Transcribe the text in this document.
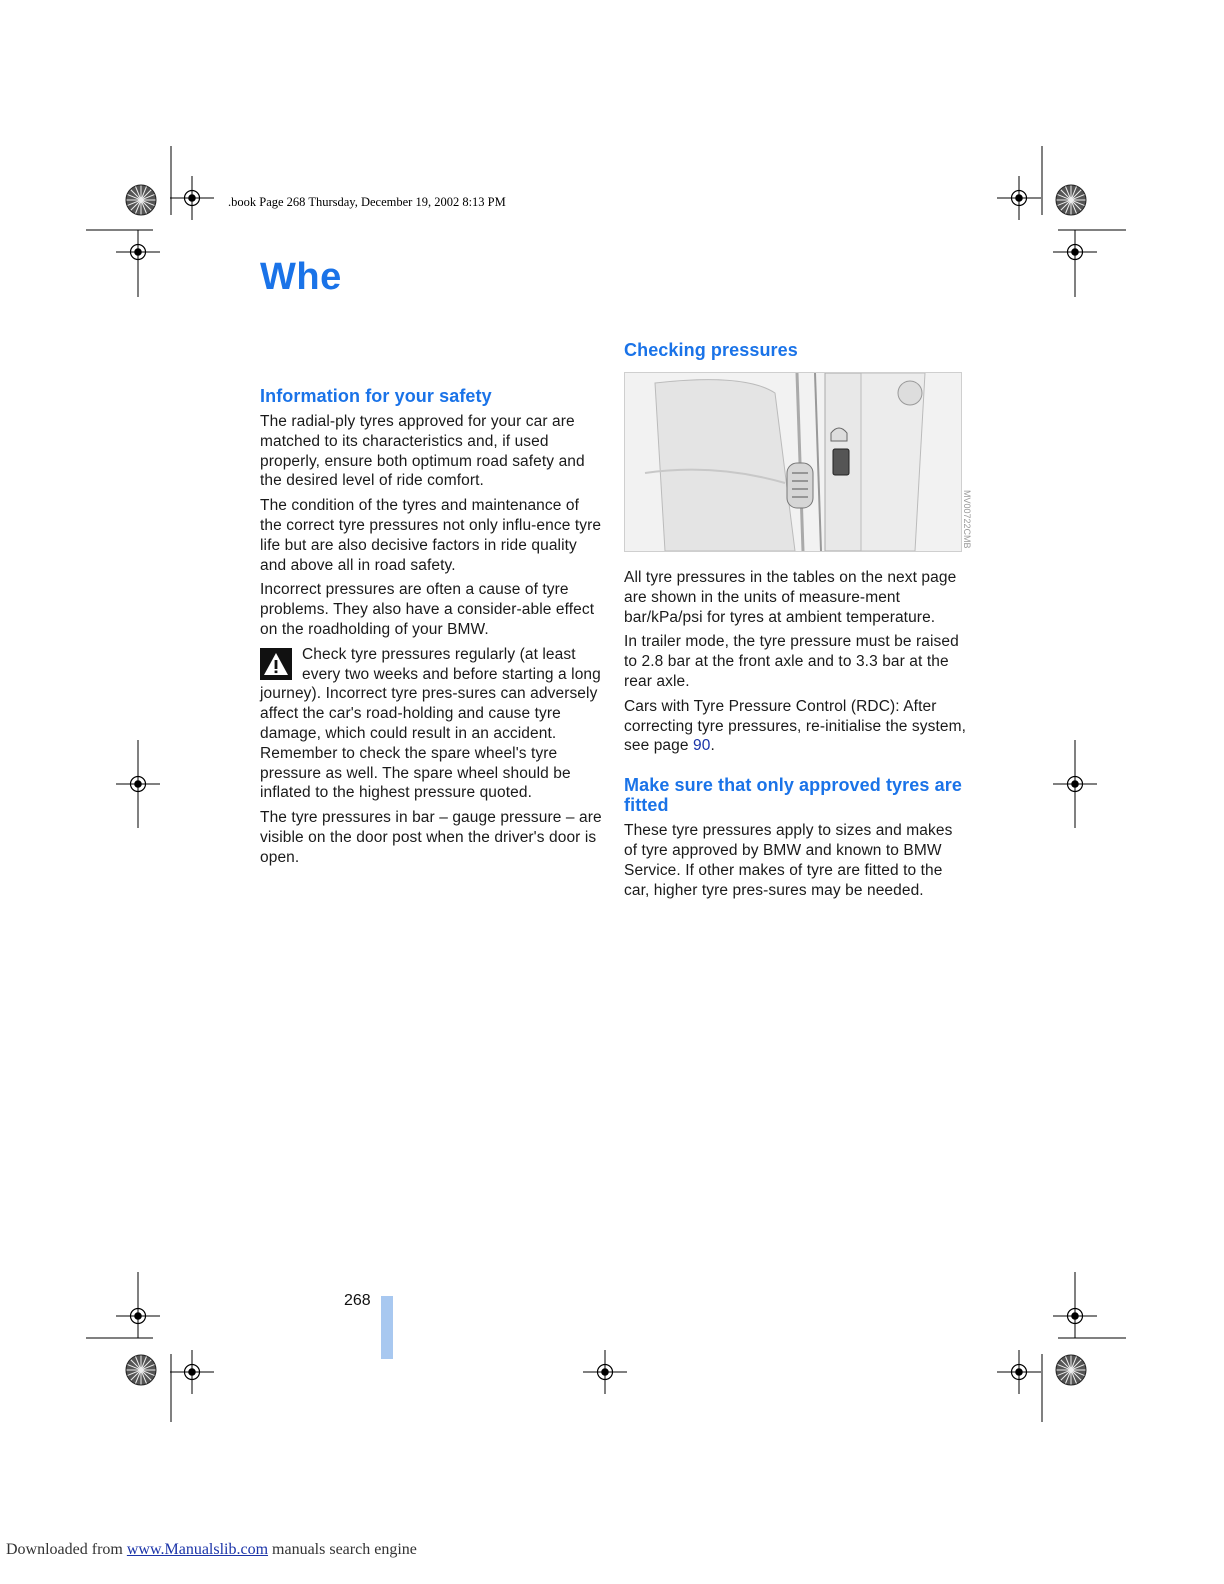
.book Page 268 Thursday, December 19, 2002 8:13 PM
Whe
Information for your safety

The radial-ply tyres approved for your car are matched to its characteristics and, if used properly, ensure both optimum road safety and the desired level of ride comfort.

The condition of the tyres and maintenance of the correct tyre pressures not only influ-ence tyre life but are also decisive factors in ride quality and above all in road safety.

Incorrect pressures are often a cause of tyre problems. They also have a consider-able effect on the roadholding of your BMW.

Check tyre pressures regularly (at least every two weeks and before starting a long journey). Incorrect tyre pres-sures can adversely affect the car's road-holding and cause tyre damage, which could result in an accident.

Remember to check the spare wheel's tyre pressure as well. The spare wheel should be inflated to the highest pressure quoted.

The tyre pressures in bar – gauge pressure – are visible on the door post when the driver's door is open.

Checking pressures

All tyre pressures in the tables on the next page are shown in the units of measure-ment bar/kPa/psi for tyres at ambient temperature.

In trailer mode, the tyre pressure must be raised to 2.8 bar at the front axle and to 3.3 bar at the rear axle.

Cars with Tyre Pressure Control (RDC): After correcting tyre pressures, re-initialise the system, see page 90.

Make sure that only approved tyres are fitted

These tyre pressures apply to sizes and makes of tyre approved by BMW and known to BMW Service. If other makes of tyre are fitted to the car, higher tyre pres-sures may be needed.

MV00722CMB
268
Downloaded from www.Manualslib.com manuals search engine
